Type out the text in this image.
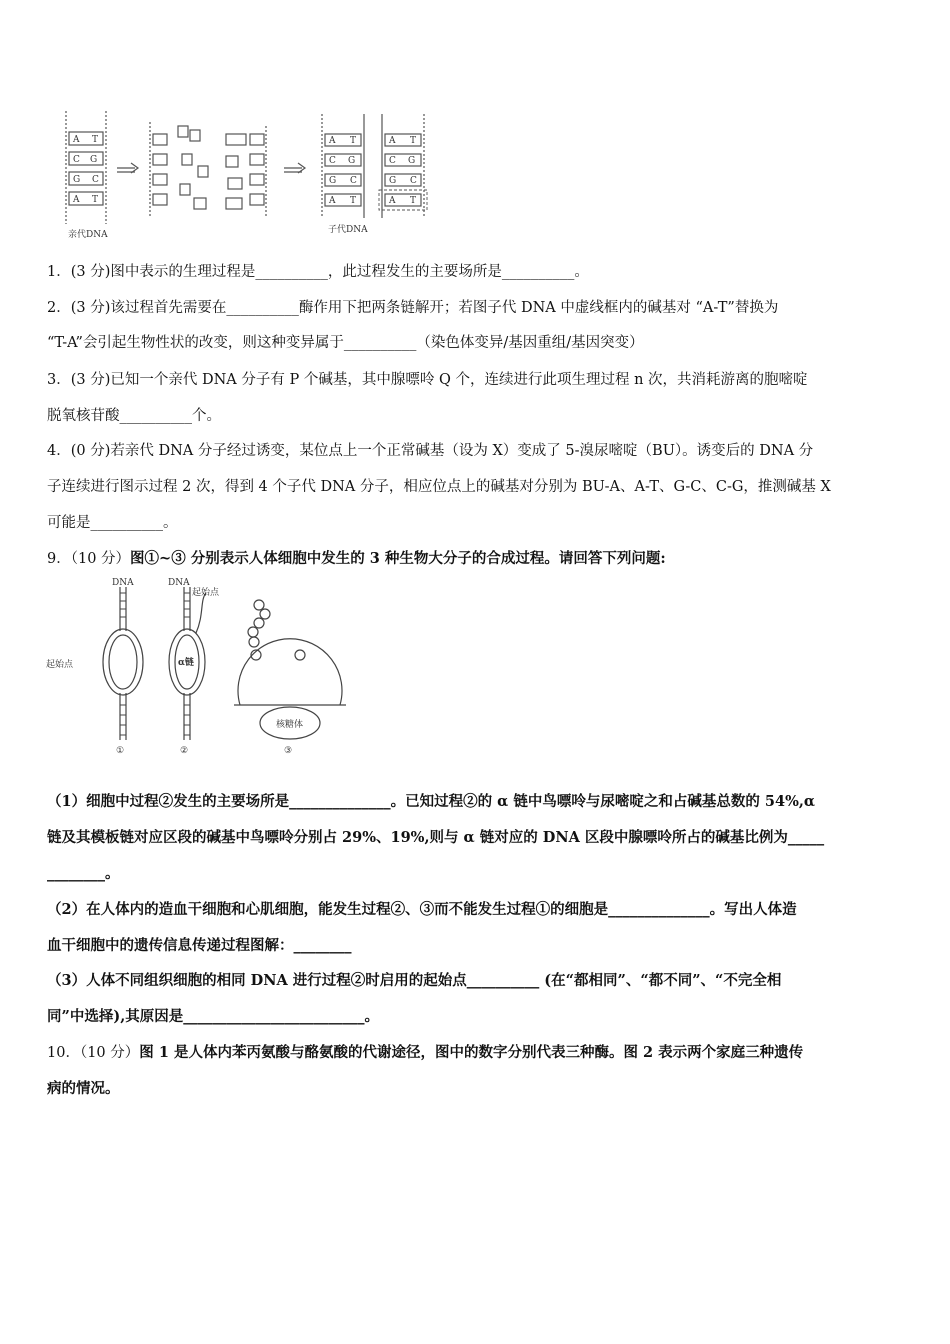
A T
C G
G C
A T
A T
C G
G C
A T
A T
C G
G C
A T
亲代DNA	子代DNA
1．(3 分)图中表示的生理过程是__________，此过程发生的主要场所是__________。
2．(3 分)该过程首先需要在__________酶作用下把两条链解开；若图子代 DNA 中虚线框内的碱基对 “A-T”替换为
“T-A”会引起生物性状的改变，则这种变异属于__________（染色体变异/基因重组/基因突变）
3．(3 分)已知一个亲代 DNA 分子有 P 个碱基，其中腺嘌呤 Q 个，连续进行此项生理过程 n 次，共消耗游离的胞嘧啶
脱氧核苷酸__________个。
4．(0 分)若亲代 DNA 分子经过诱变，某位点上一个正常碱基（设为 X）变成了 5-溴尿嘧啶（BU）。诱变后的 DNA 分
子连续进行图示过程 2 次，得到 4 个子代 DNA 分子，相应位点上的碱基对分别为 BU-A、A-T、G-C、C-G，推测碱基 X
可能是__________。
9．（10 分）图①~③ 分别表示人体细胞中发生的 3 种生物大分子的合成过程。请回答下列问题:
DNA	DNA
起始点
起始点
α链
核糖体
①	②	③
（1）细胞中过程②发生的主要场所是______________。已知过程②的 α 链中鸟嘌呤与尿嘧啶之和占碱基总数的 54%,α
链及其模板链对应区段的碱基中鸟嘌呤分别占 29%、19%,则与 α 链对应的 DNA 区段中腺嘌呤所占的碱基比例为_____
________。
（2）在人体内的造血干细胞和心肌细胞，能发生过程②、③而不能发生过程①的细胞是______________。写出人体造
血干细胞中的遗传信息传递过程图解：________
（3）人体不同组织细胞的相同 DNA 进行过程②时启用的起始点__________ (在“都相同”、“都不同”、“不完全相
同”中选择),其原因是_________________________。
10．（10 分）图 1 是人体内苯丙氨酸与酪氨酸的代谢途径，图中的数字分别代表三种酶。图 2 表示两个家庭三种遗传
病的情况。
